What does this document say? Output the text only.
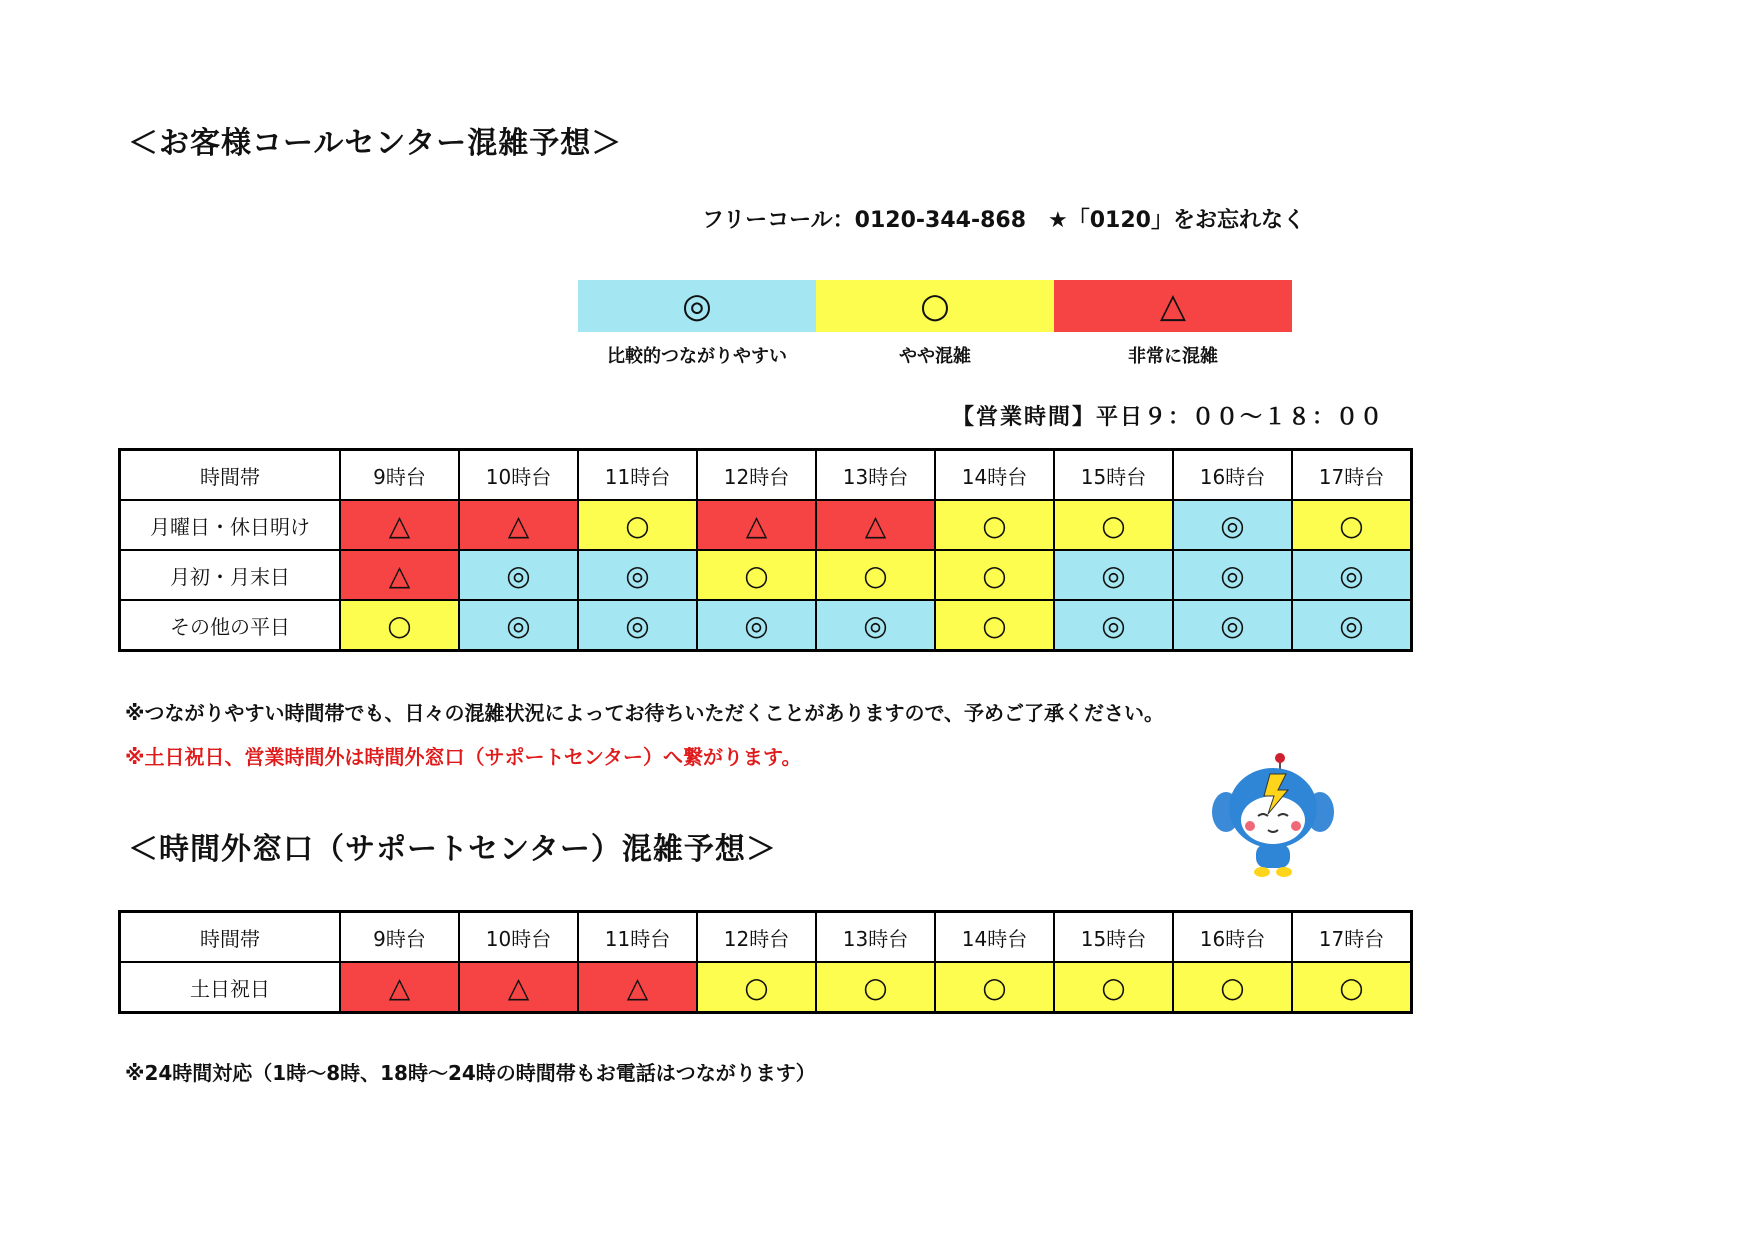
＜お客様コールセンター混雑予想＞
フリーコール：0120-344-868　★「0120」をお忘れなく
◎	○	△
比較的つながりやすい	やや混雑	非常に混雑
【営業時間】平日９：００～１８：００
時間帯	9時台	10時台	11時台	12時台	13時台	14時台	15時台	16時台	17時台
月曜日・休日明け	△	△	○	△	△	○	○	◎	○
月初・月末日	△	◎	◎	○	○	○	◎	◎	◎
その他の平日	○	◎	◎	◎	◎	○	◎	◎	◎
※つながりやすい時間帯でも、日々の混雑状況によってお待ちいただくことがありますので、予めご了承ください。
※土日祝日、営業時間外は時間外窓口（サポートセンター）へ繋がります。
＜時間外窓口（サポートセンター）混雑予想＞
時間帯	9時台	10時台	11時台	12時台	13時台	14時台	15時台	16時台	17時台
土日祝日	△	△	△	○	○	○	○	○	○
※24時間対応（1時～8時、18時～24時の時間帯もお電話はつながります）
